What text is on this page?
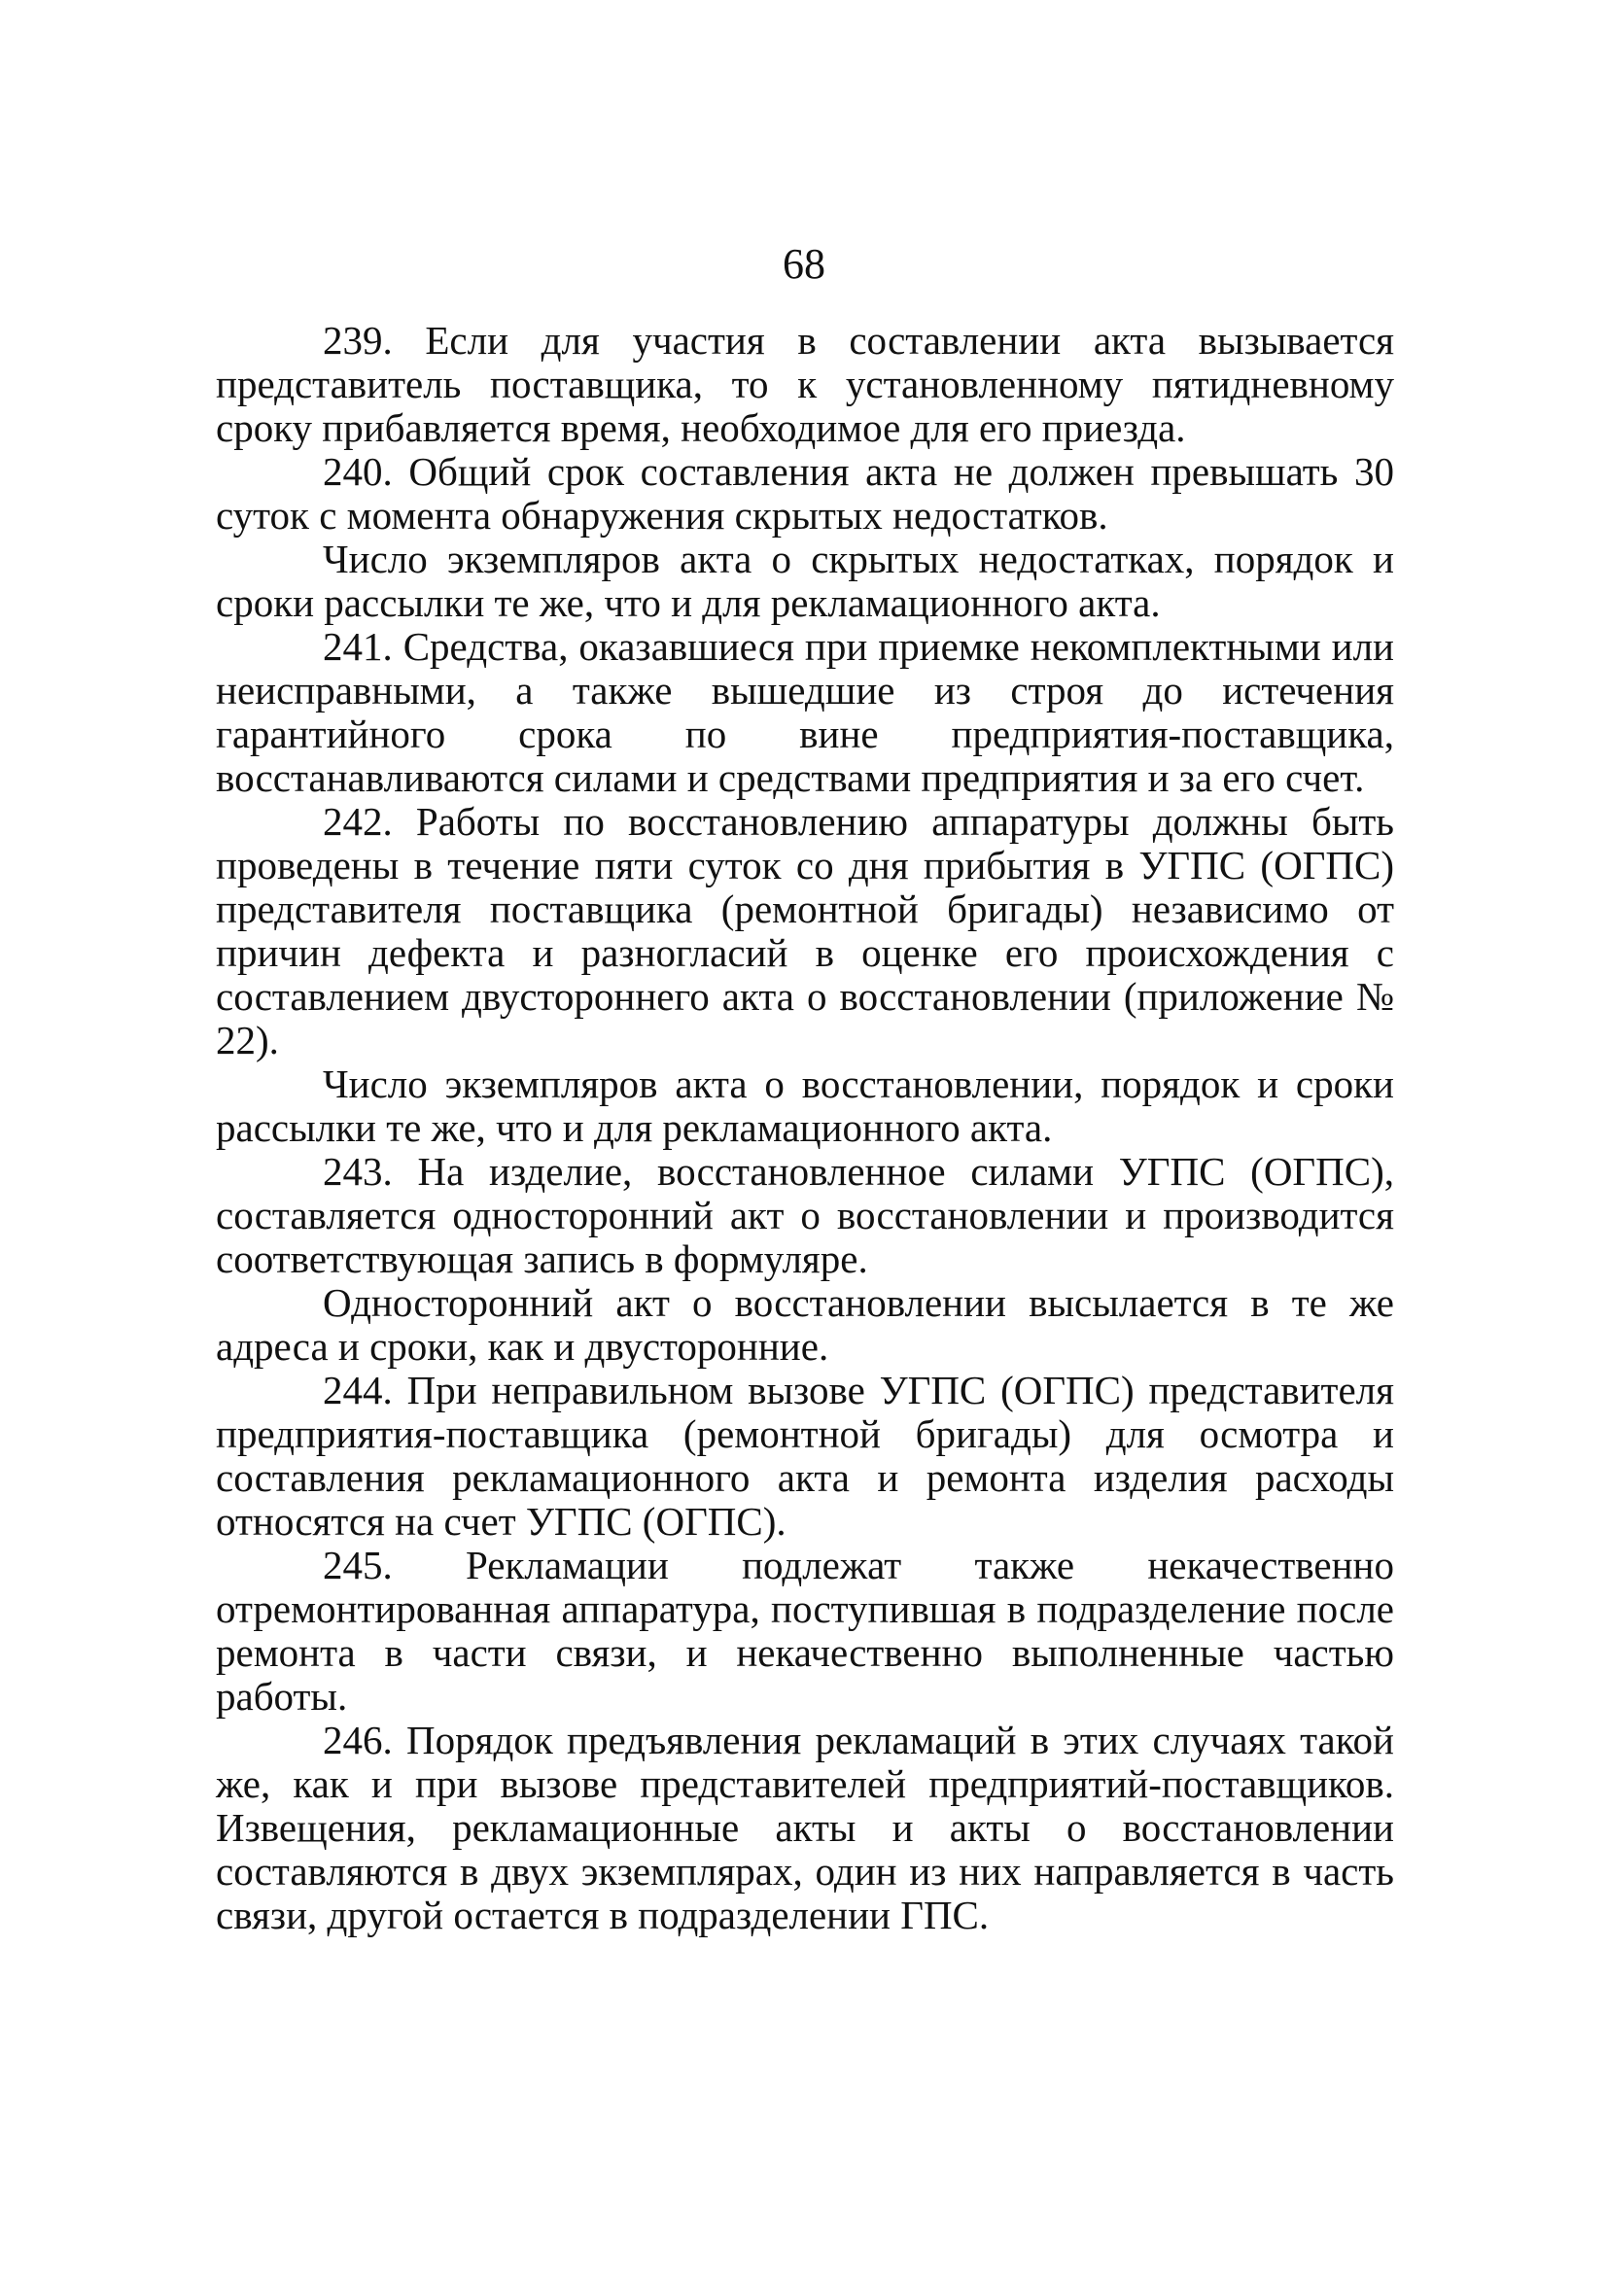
68

239. Если для участия в составлении акта вызывается представитель поставщика, то к установленному пятидневному сроку прибавляется время, необходимое для его приезда.

240. Общий срок составления акта не должен превышать 30 суток с момента обнаружения скрытых недостатков.

Число экземпляров акта о скрытых недостатках, порядок и сроки рассылки те же, что и для рекламационного акта.

241. Средства, оказавшиеся при приемке некомплектными или неисправными, а также вышедшие из строя до истечения гарантийного срока по вине предприятия-поставщика, восстанавливаются силами и средствами предприятия и за его счет.

242. Работы по восстановлению аппаратуры должны быть проведены в течение пяти суток со дня прибытия в УГПС (ОГПС) представителя поставщика (ремонтной бригады) независимо от причин дефекта и разногласий в оценке его происхождения с составлением двустороннего акта о восстановлении (приложение № 22).

Число экземпляров акта о восстановлении, порядок и сроки рассылки те же, что и для рекламационного акта.

243. На изделие, восстановленное силами УГПС (ОГПС), составляется односторонний акт о восстановлении и производится соответствующая запись в формуляре.

Односторонний акт о восстановлении высылается в те же адреса и сроки, как и двусторонние.

244. При неправильном вызове УГПС (ОГПС) представителя предприятия-поставщика (ремонтной бригады) для осмотра и составления рекламационного акта и ремонта изделия расходы относятся на счет УГПС (ОГПС).

245. Рекламации подлежат также некачественно отремонтированная аппаратура, поступившая в подразделение после ремонта в части связи, и некачественно выполненные частью работы.

246. Порядок предъявления рекламаций в этих случаях такой же, как и при вызове представителей предприятий-поставщиков. Извещения, рекламационные акты и акты о восстановлении составляются в двух экземплярах, один из них направляется в часть связи, другой остается в подразделении ГПС.
